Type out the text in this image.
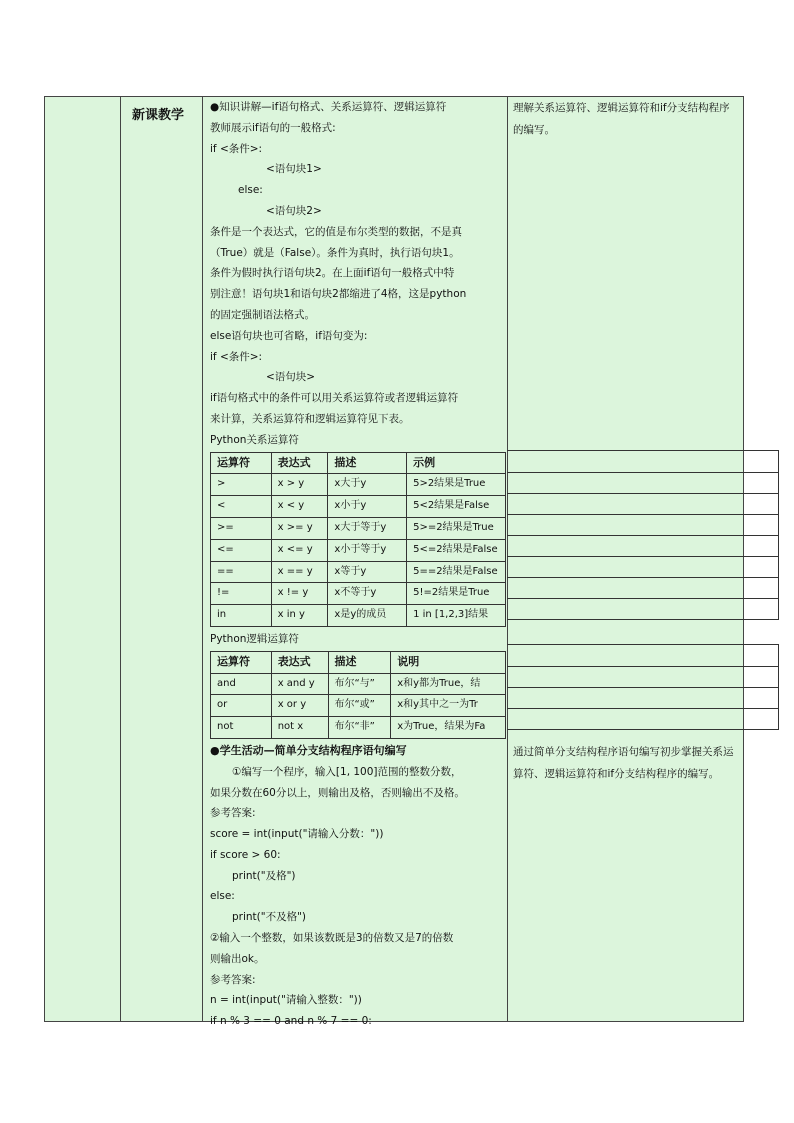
新课教学

●知识讲解—if语句格式、关系运算符、逻辑运算符

教师展示if语句的一般格式:

if <条件>:

<语句块1>

else:

<语句块2>

条件是一个表达式，它的值是布尔类型的数据，不是真

（True）就是（False）。条件为真时，执行语句块1。

条件为假时执行语句块2。在上面if语句一般格式中特

别注意！语句块1和语句块2都缩进了4格，这是python

的固定强制语法格式。

else语句块也可省略，if语句变为:

if <条件>:

<语句块>

if语句格式中的条件可以用关系运算符或者逻辑运算符

来计算，关系运算符和逻辑运算符见下表。

Python关系运算符

运算符	表达式	描述	示例
>	x > y	x大于y	5>2结果是True
<	x < y	x小于y	5<2结果是False
>=	x >= y	x大于等于y	5>=2结果是True
<=	x <= y	x小于等于y	5<=2结果是False
==	x == y	x等于y	5==2结果是False
!=	x != y	x不等于y	5!=2结果是True
in	x in y	x是y的成员	1 in [1,2,3]结果

Python逻辑运算符

运算符	表达式	描述	说明
and	x and y	布尔“与”	x和y都为True，结
or	x or y	布尔“或”	x和y其中之一为Tr
not	not x	布尔“非”	x为True，结果为Fa

●学生活动—简单分支结构程序语句编写

①编写一个程序，输入[1, 100]范围的整数分数，

如果分数在60分以上，则输出及格，否则输出不及格。

参考答案:

score = int(input("请输入分数："))

if score > 60:

print("及格")

else:

print("不及格")

②输入一个整数，如果该数既是3的倍数又是7的倍数

则输出ok。

参考答案:

n = int(input("请输入整数："))

if n % 3 == 0 and n % 7 == 0:

理解关系运算符、逻辑运算符和if分支结构程序的编写。
通过简单分支结构程序语句编写初步掌握关系运算符、逻辑运算符和if分支结构程序的编写。
